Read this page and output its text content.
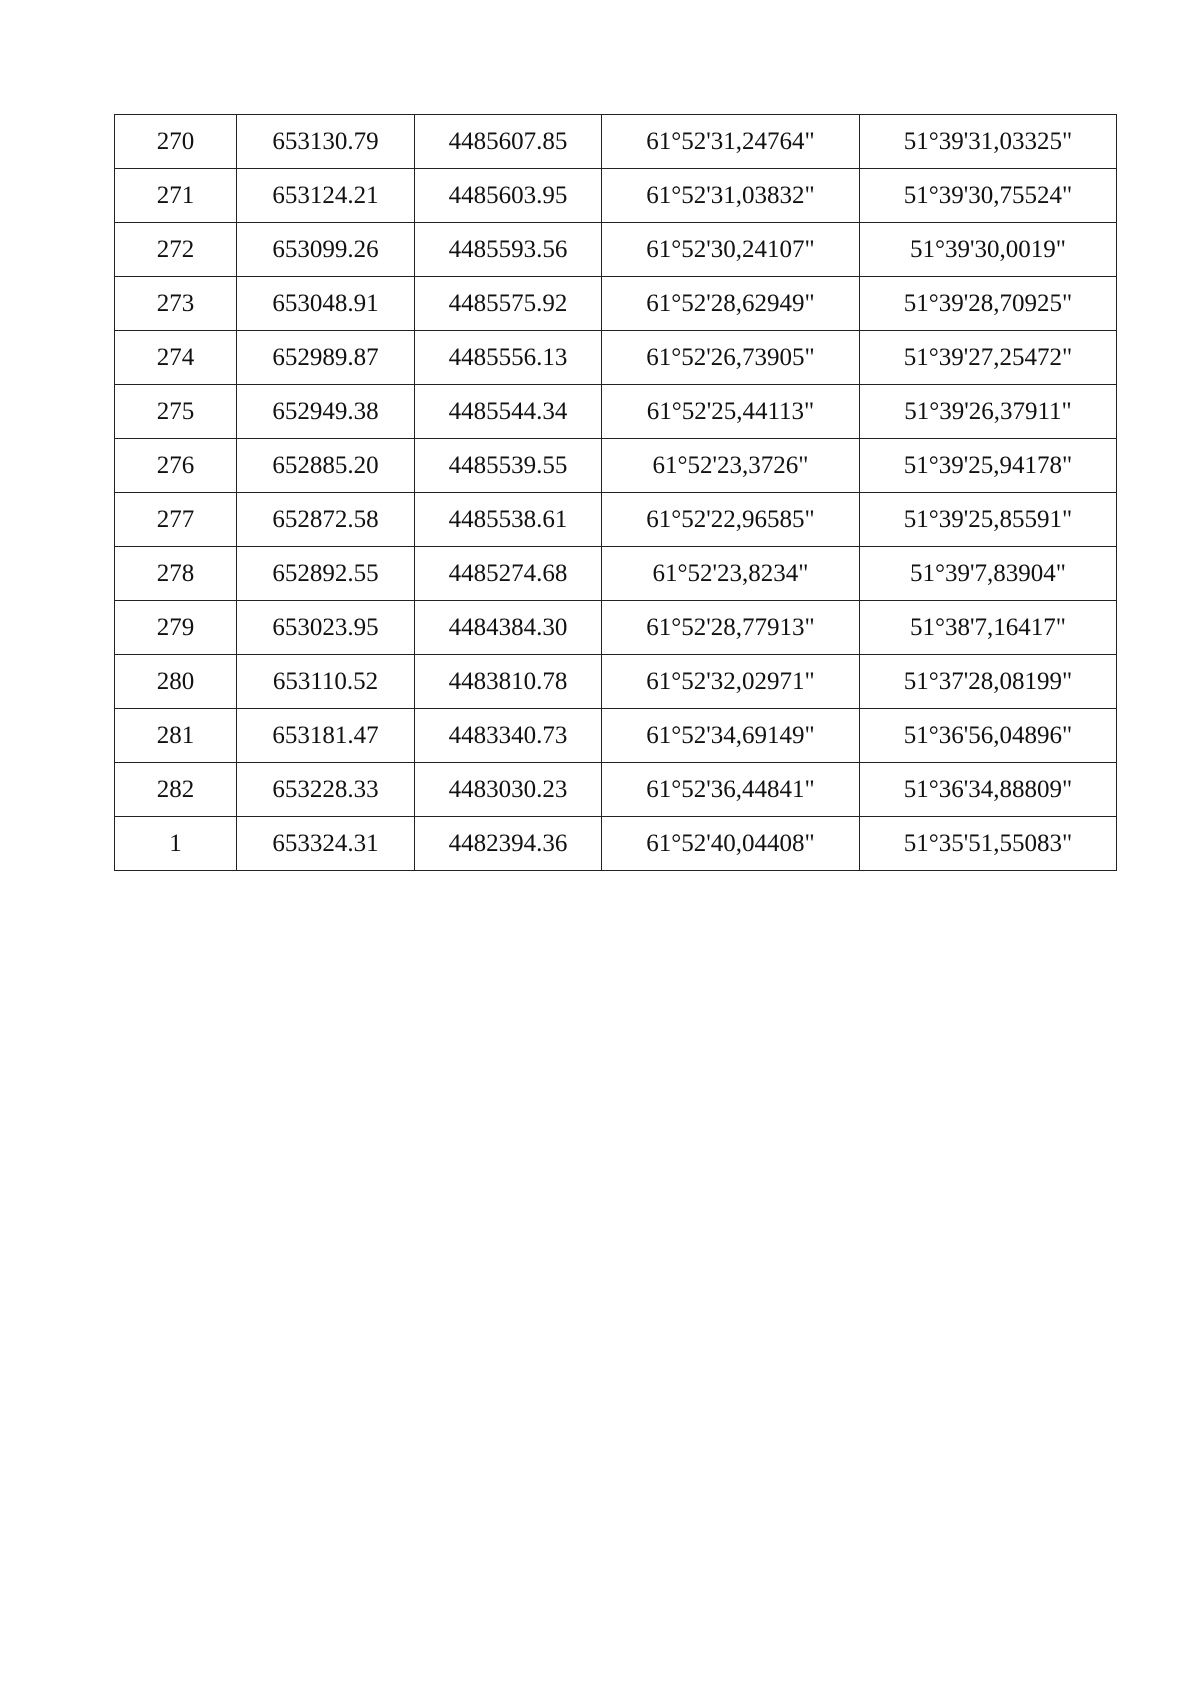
270	653130.79	4485607.85	61°52'31,24764"	51°39'31,03325"
271	653124.21	4485603.95	61°52'31,03832"	51°39'30,75524"
272	653099.26	4485593.56	61°52'30,24107"	51°39'30,0019"
273	653048.91	4485575.92	61°52'28,62949"	51°39'28,70925"
274	652989.87	4485556.13	61°52'26,73905"	51°39'27,25472"
275	652949.38	4485544.34	61°52'25,44113"	51°39'26,37911"
276	652885.20	4485539.55	61°52'23,3726"	51°39'25,94178"
277	652872.58	4485538.61	61°52'22,96585"	51°39'25,85591"
278	652892.55	4485274.68	61°52'23,8234"	51°39'7,83904"
279	653023.95	4484384.30	61°52'28,77913"	51°38'7,16417"
280	653110.52	4483810.78	61°52'32,02971"	51°37'28,08199"
281	653181.47	4483340.73	61°52'34,69149"	51°36'56,04896"
282	653228.33	4483030.23	61°52'36,44841"	51°36'34,88809"
1	653324.31	4482394.36	61°52'40,04408"	51°35'51,55083"
